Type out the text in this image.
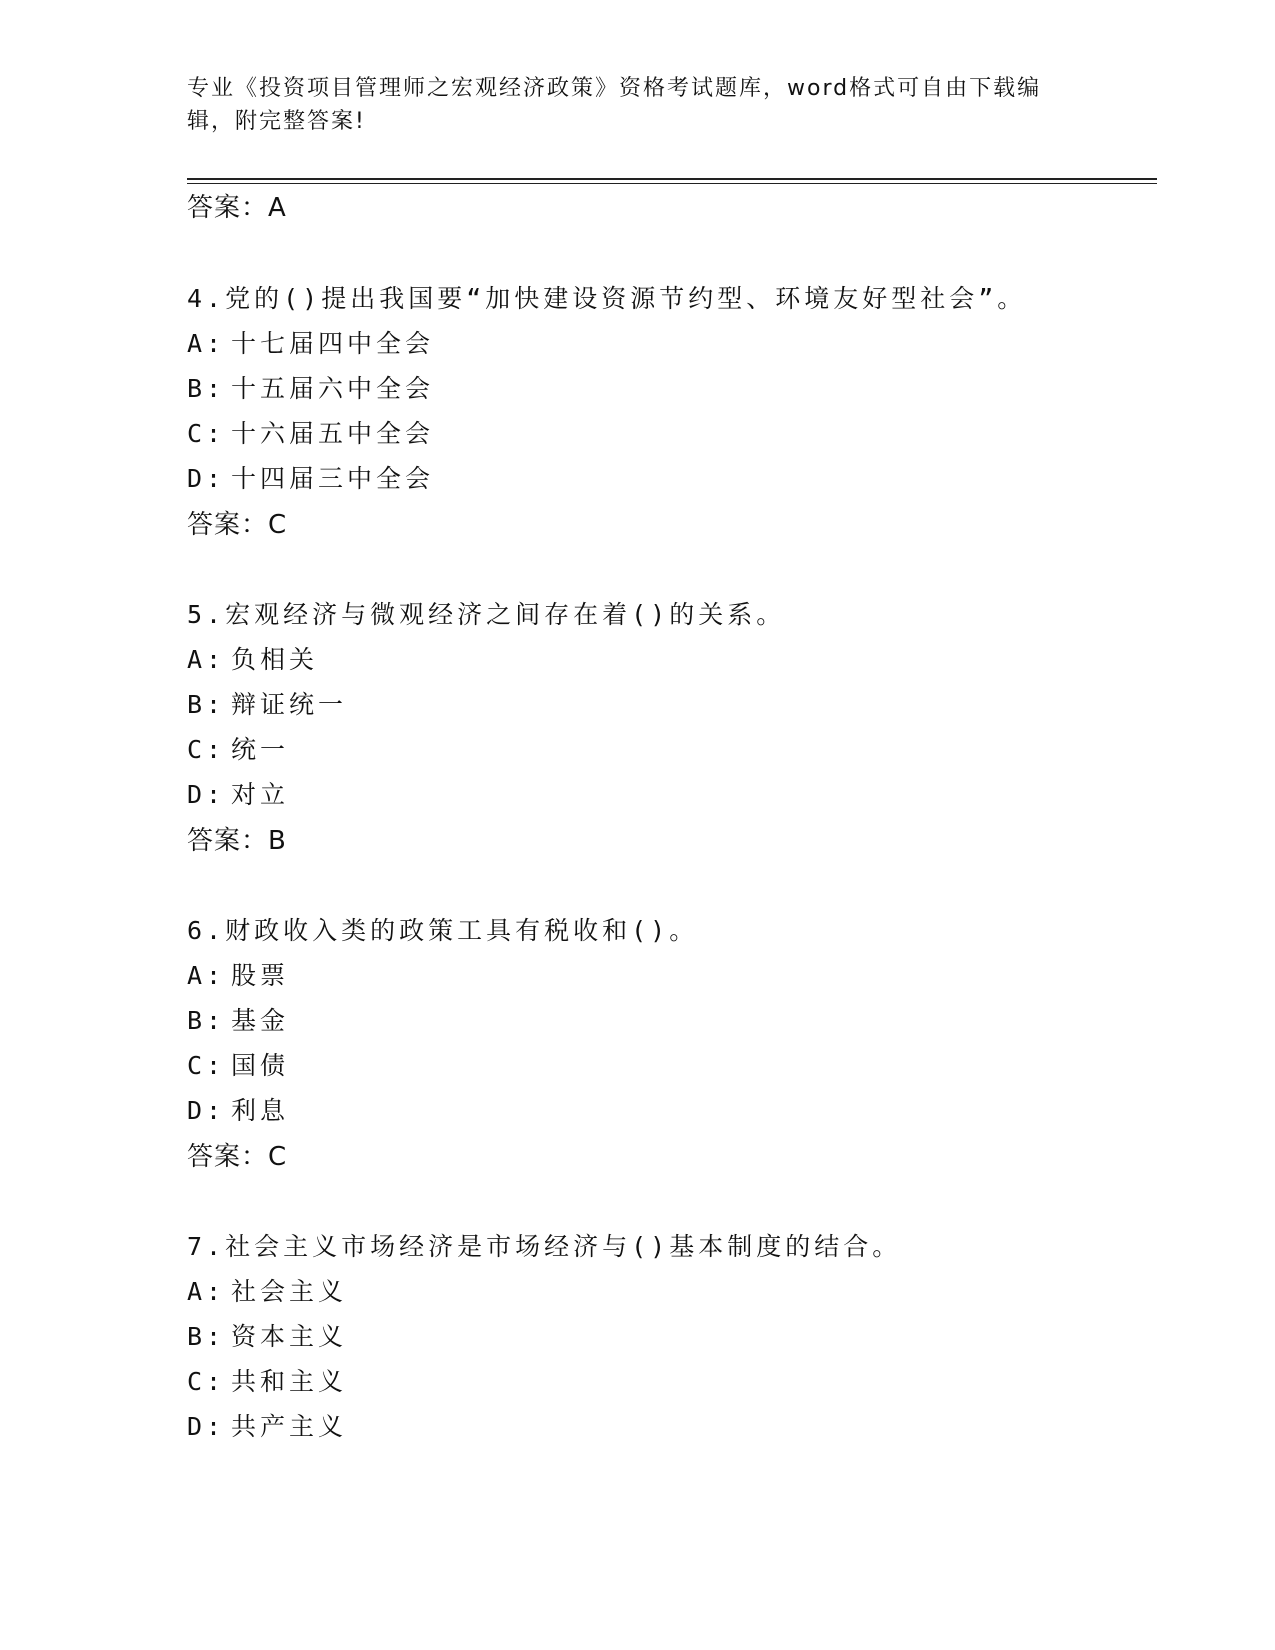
专业《投资项目管理师之宏观经济政策》资格考试题库，word格式可自由下载编辑，附完整答案!
答案：A
4.党的()提出我国要“加快建设资源节约型、环境友好型社会”。
A: 十七届四中全会
B: 十五届六中全会
C: 十六届五中全会
D: 十四届三中全会
答案：C
5.宏观经济与微观经济之间存在着()的关系。
A: 负相关
B: 辩证统一
C: 统一
D: 对立
答案：B
6.财政收入类的政策工具有税收和()。
A: 股票
B: 基金
C: 国债
D: 利息
答案：C
7.社会主义市场经济是市场经济与()基本制度的结合。
A: 社会主义
B: 资本主义
C: 共和主义
D: 共产主义
